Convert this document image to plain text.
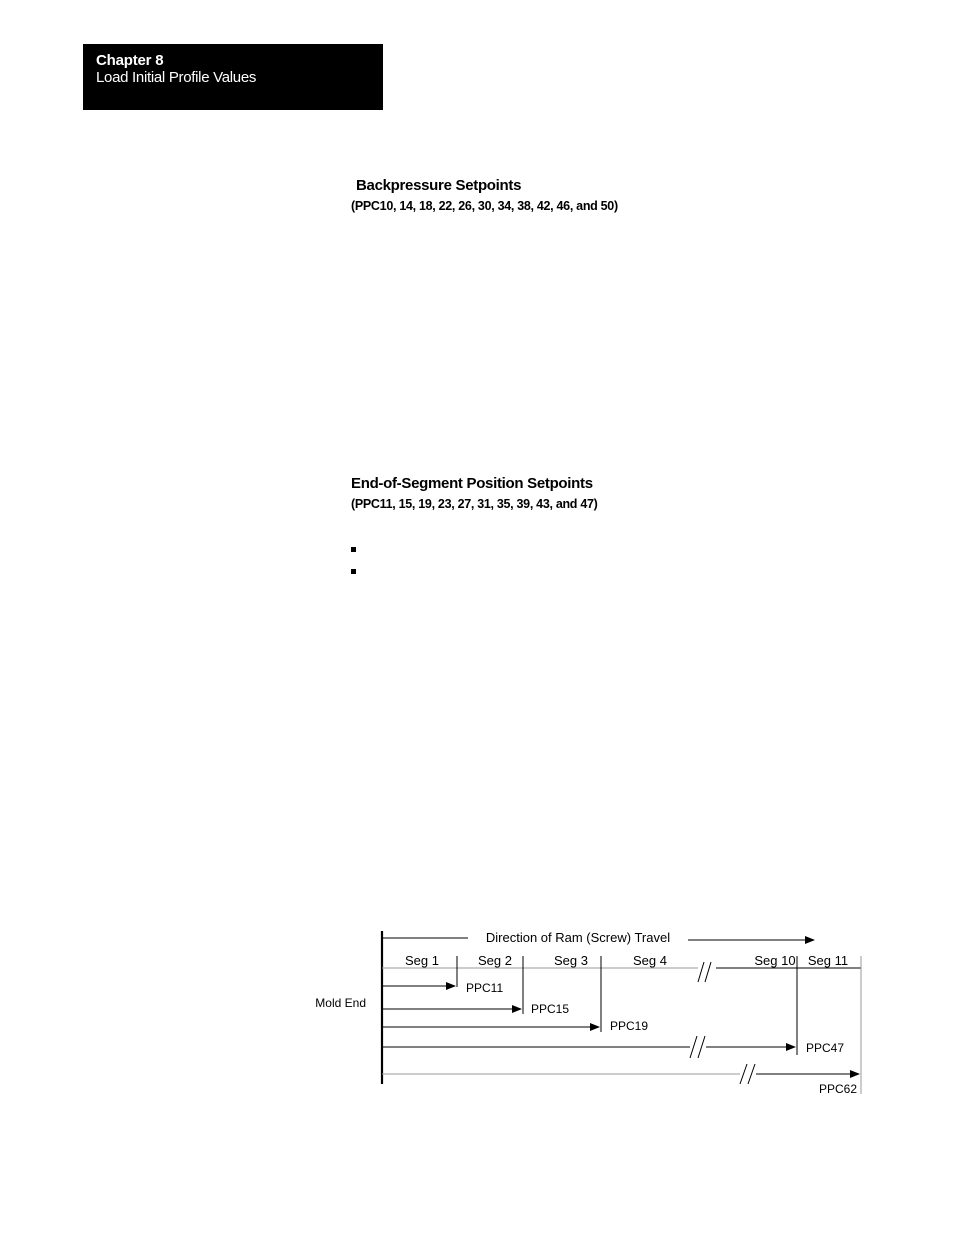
Chapter 8
Load Initial Profile Values
Backpressure Setpoints
(PPC10, 14, 18, 22, 26, 30, 34, 38, 42, 46, and 50)
End-of-Segment Position Setpoints
(PPC11, 15, 19, 23, 27, 31, 35, 39, 43, and 47)
Direction of Ram (Screw) Travel
Seg 1	Seg 2	Seg 3	Seg 4	Seg 10 Seg 11
PPC11
PPC15
PPC19
PPC47
PPC62
Mold End
